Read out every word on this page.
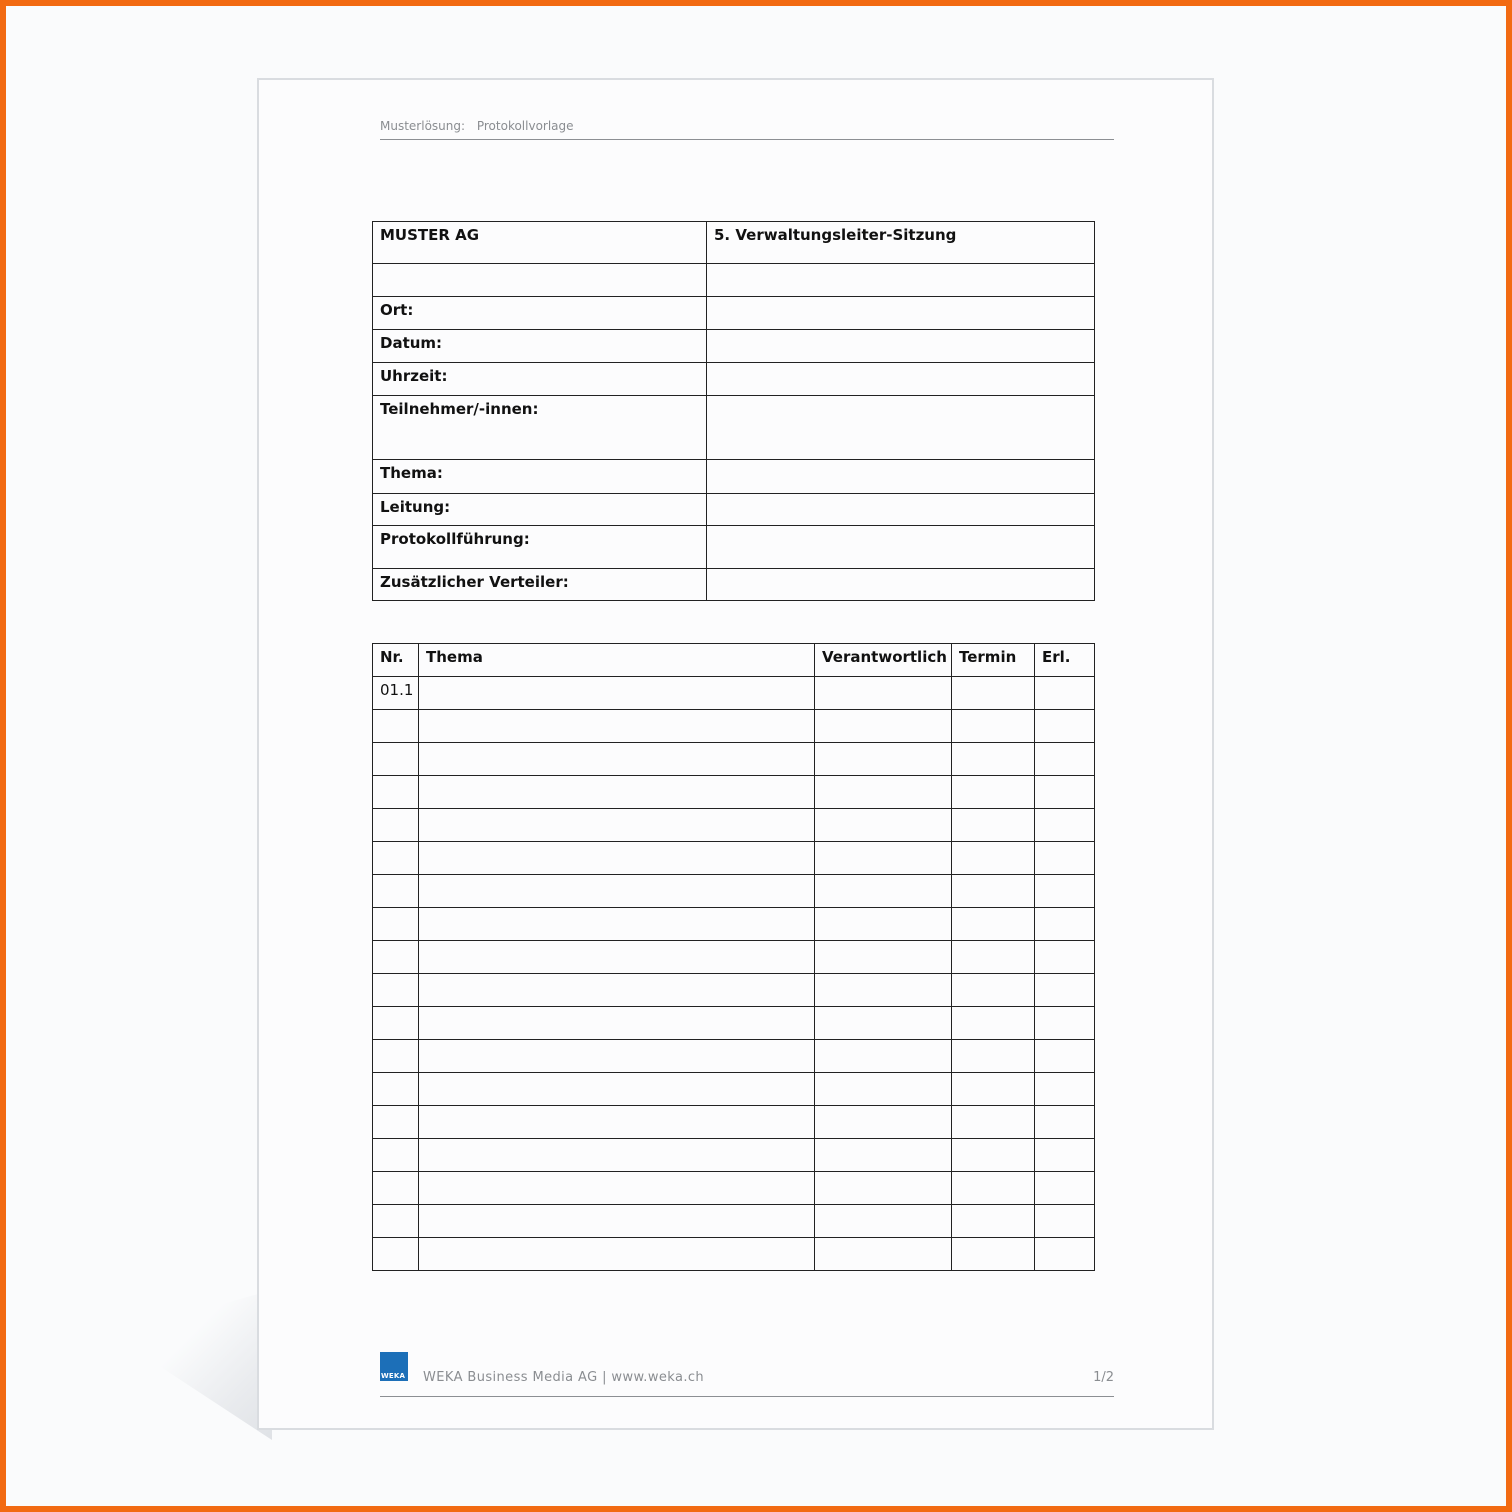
Musterlösung: Protokollvorlage
MUSTER AG	5. Verwaltungsleiter-Sitzung

Ort:	
Datum:	
Uhrzeit:	
Teilnehmer/-innen:	
Thema:	
Leitung:	
Protokollführung:	
Zusätzlicher Verteiler:	
Nr.	Thema	Verantwortlich	Termin	Erl.
01.1				

WEKA WEKA Business Media AG | www.weka.ch	1/2
